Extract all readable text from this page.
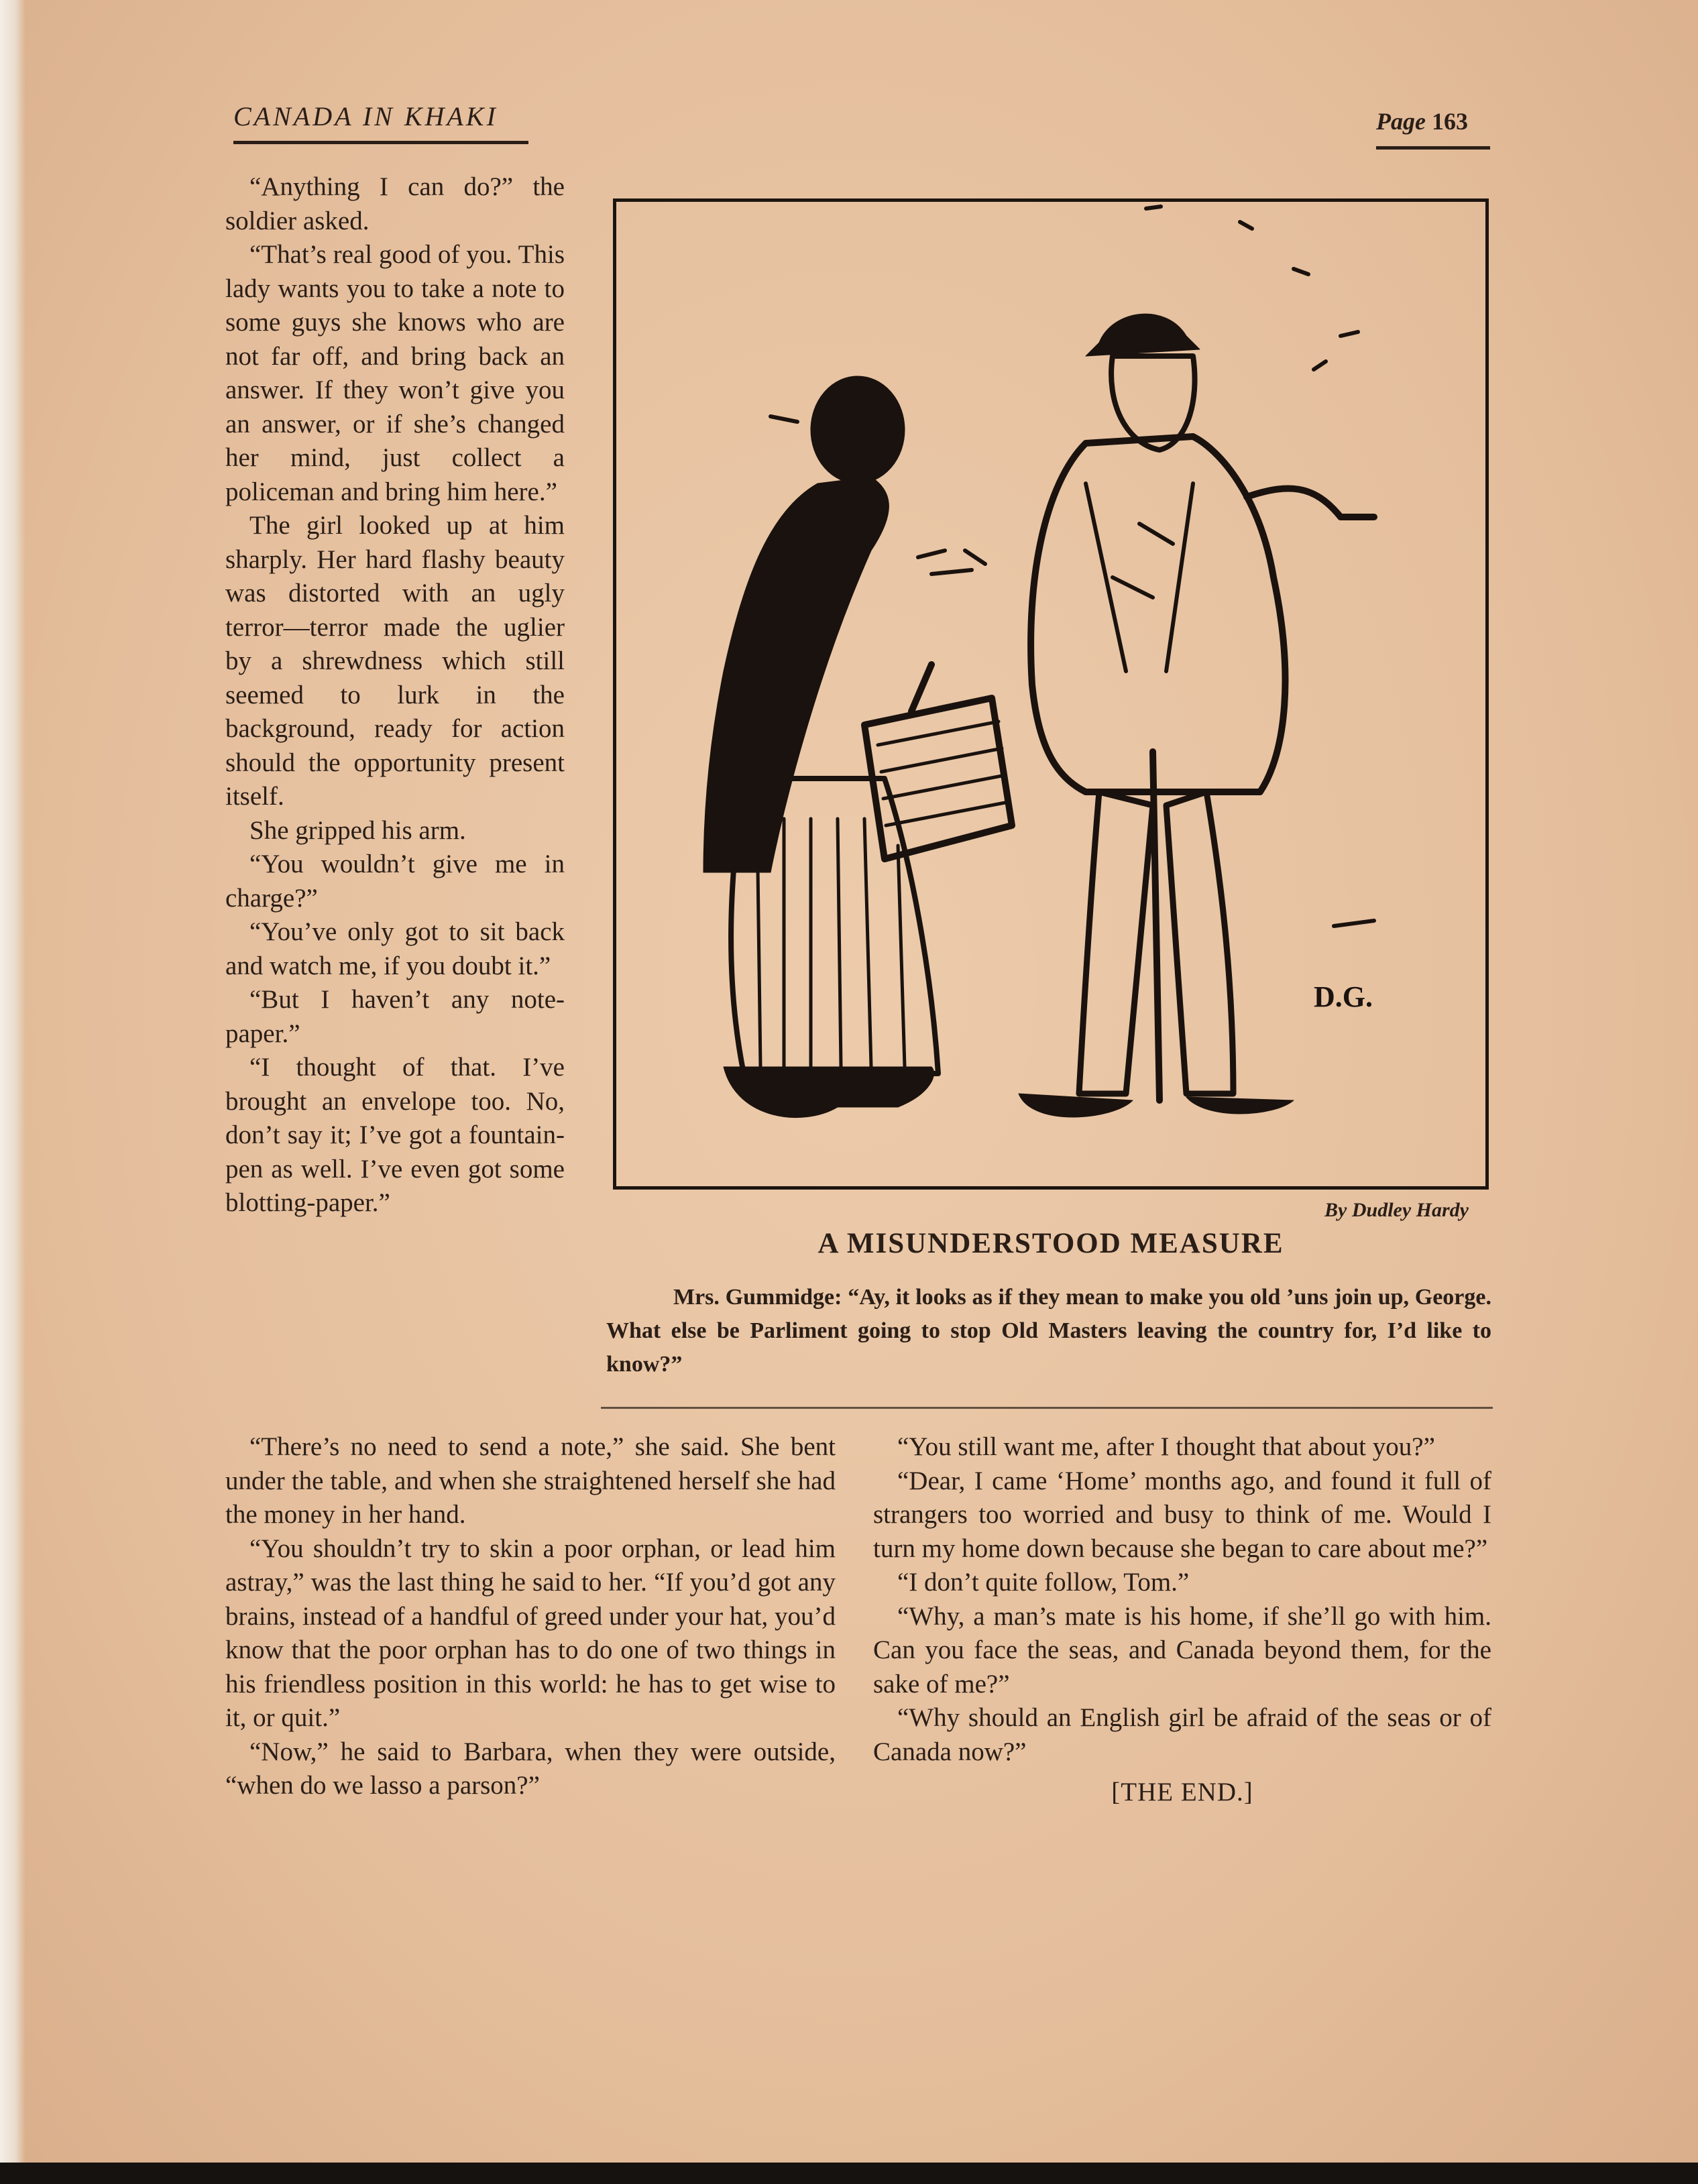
CANADA IN KHAKI	Page 163

“Anything I can do?” the soldier asked.

“That’s real good of you. This lady wants you to take a note to some guys she knows who are not far off, and bring back an answer. If they won’t give you an answer, or if she’s changed her mind, just collect a policeman and bring him here.”

The girl looked up at him sharply. Her hard flashy beauty was distorted with an ugly terror—terror made the uglier by a shrewdness which still seemed to lurk in the background, ready for action should the opportunity present itself.

She gripped his arm.

“You wouldn’t give me in charge?”

“You’ve only got to sit back and watch me, if you doubt it.”

“But I haven’t any note-paper.”

“I thought of that. I’ve brought an envelope too. No, don’t say it; I’ve got a fountain-pen as well. I’ve even got some blotting-paper.”

D.G.
By Dudley Hardy
A MISUNDERSTOOD MEASURE
Mrs. Gummidge: “Ay, it looks as if they mean to make you old ’uns join up, George. What else be Parliment going to stop Old Masters leaving the country for, I’d like to know?”

“There’s no need to send a note,” she said. She bent under the table, and when she straightened herself she had the money in her hand.

“You shouldn’t try to skin a poor orphan, or lead him astray,” was the last thing he said to her. “If you’d got any brains, instead of a handful of greed under your hat, you’d know that the poor orphan has to do one of two things in his friendless position in this world: he has to get wise to it, or quit.”

“Now,” he said to Barbara, when they were outside, “when do we lasso a parson?”

“You still want me, after I thought that about you?”

“Dear, I came ‘Home’ months ago, and found it full of strangers too worried and busy to think of me. Would I turn my home down because she began to care about me?”

“I don’t quite follow, Tom.”

“Why, a man’s mate is his home, if she’ll go with him. Can you face the seas, and Canada beyond them, for the sake of me?”

“Why should an English girl be afraid of the seas or of Canada now?”

[THE END.]
